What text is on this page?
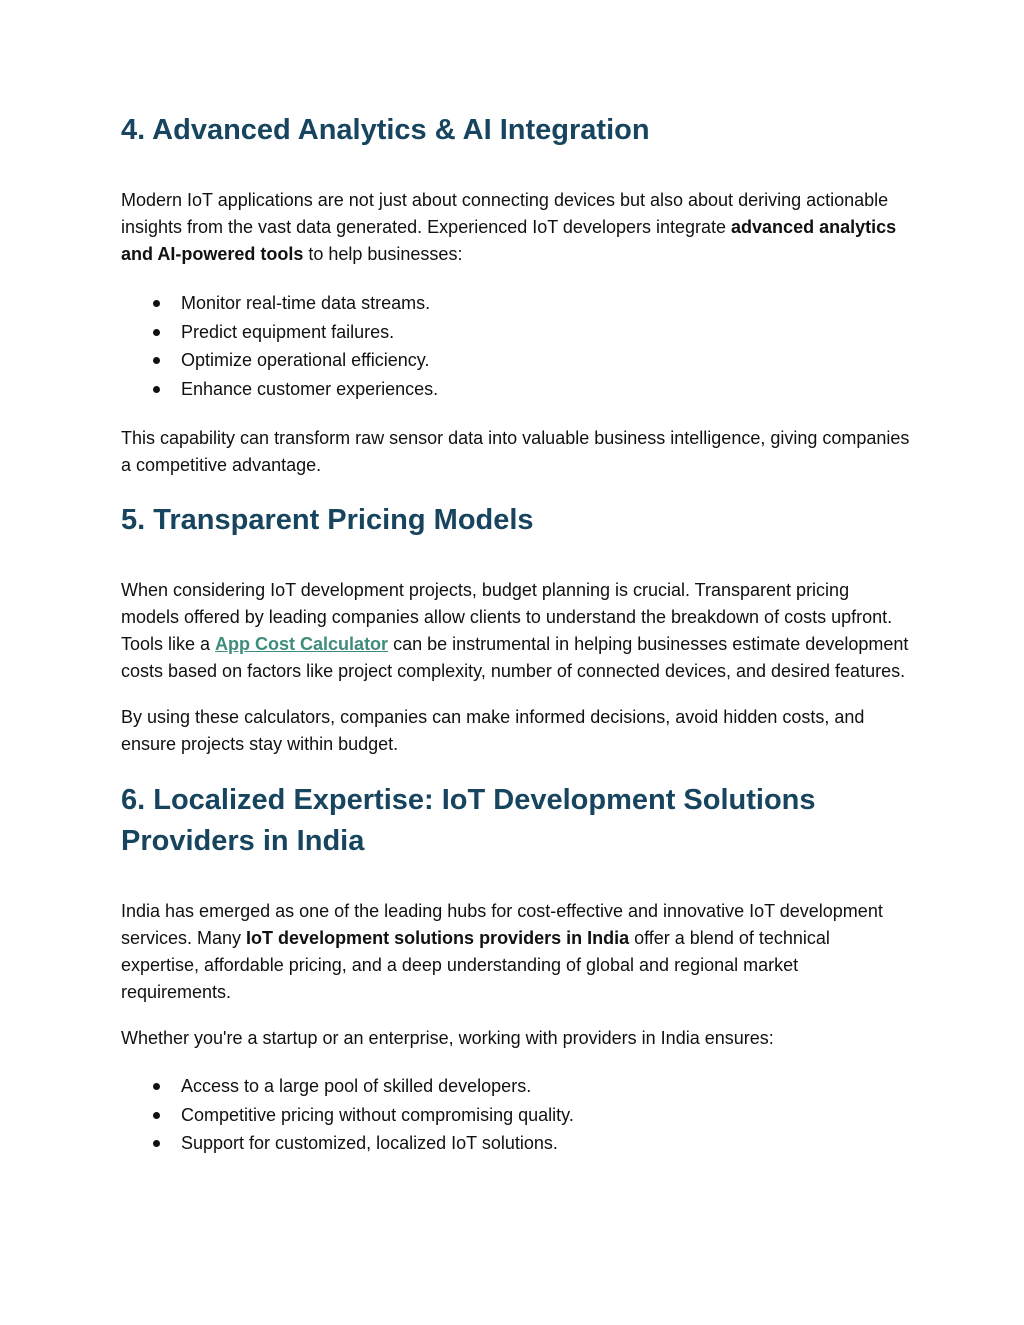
4. Advanced Analytics & AI Integration

Modern IoT applications are not just about connecting devices but also about deriving actionable insights from the vast data generated. Experienced IoT developers integrate advanced analytics and AI-powered tools to help businesses:

Monitor real-time data streams.
Predict equipment failures.
Optimize operational efficiency.
Enhance customer experiences.

This capability can transform raw sensor data into valuable business intelligence, giving companies a competitive advantage.

5. Transparent Pricing Models

When considering IoT development projects, budget planning is crucial. Transparent pricing models offered by leading companies allow clients to understand the breakdown of costs upfront. Tools like a App Cost Calculator can be instrumental in helping businesses estimate development costs based on factors like project complexity, number of connected devices, and desired features.

By using these calculators, companies can make informed decisions, avoid hidden costs, and ensure projects stay within budget.

6. Localized Expertise: IoT Development Solutions Providers in India

India has emerged as one of the leading hubs for cost-effective and innovative IoT development services. Many IoT development solutions providers in India offer a blend of technical expertise, affordable pricing, and a deep understanding of global and regional market requirements.

Whether you're a startup or an enterprise, working with providers in India ensures:

Access to a large pool of skilled developers.
Competitive pricing without compromising quality.
Support for customized, localized IoT solutions.
